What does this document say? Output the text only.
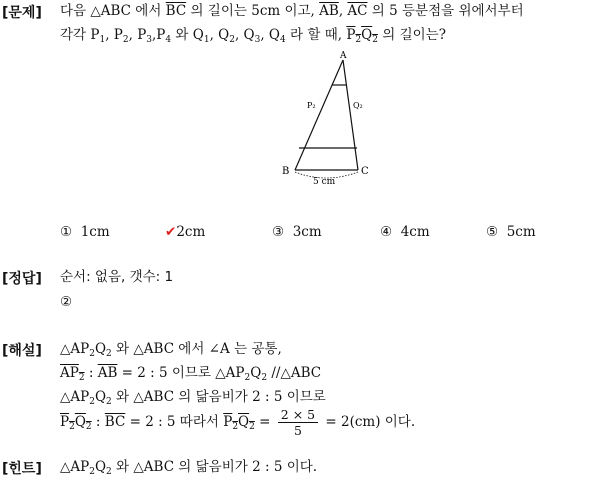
[문제] 다음 △ABC 에서 $\overline{BC}$ 의 길이는 5cm 이고, $\overline{AB}$, $\overline{AC}$ 의 5 등분점을 위에서부터
각각 $P_1$, $P_2$, $P_3,P_4$ 와 $Q_1$, $Q_2$, $Q_3$, $Q_4$ 라 할 때, $P_2Q_2$ 의 길이는?
A
B	C
P₂	Q₂
5 cm
① 1cm	✔2cm	③ 3cm	④ 4cm	⑤ 5cm
[정답] 순서: 없음, 갯수: 1
②
[해설] $\triangle AP_2Q_2$ 와 △ABC 에서 ∠A 는 공통,
$AP_2$ : $\overline{AB} = 2$ : 5 이므로 $\triangle AP_2Q_2$ //△ABC
$\triangle AP_2Q_2$ 와 △ABC 의 닮음비가 2 : 5 이므로
$P_2Q_2$ : $\overline{BC} = 2$ : 5 따라서 $P_2Q_2 = \frac{2 \times 5}{5} = 2(cm)$ 이다.
[힌트] $\triangle AP_2Q_2$ 와 △ABC 의 닮음비가 2 : 5 이다.
